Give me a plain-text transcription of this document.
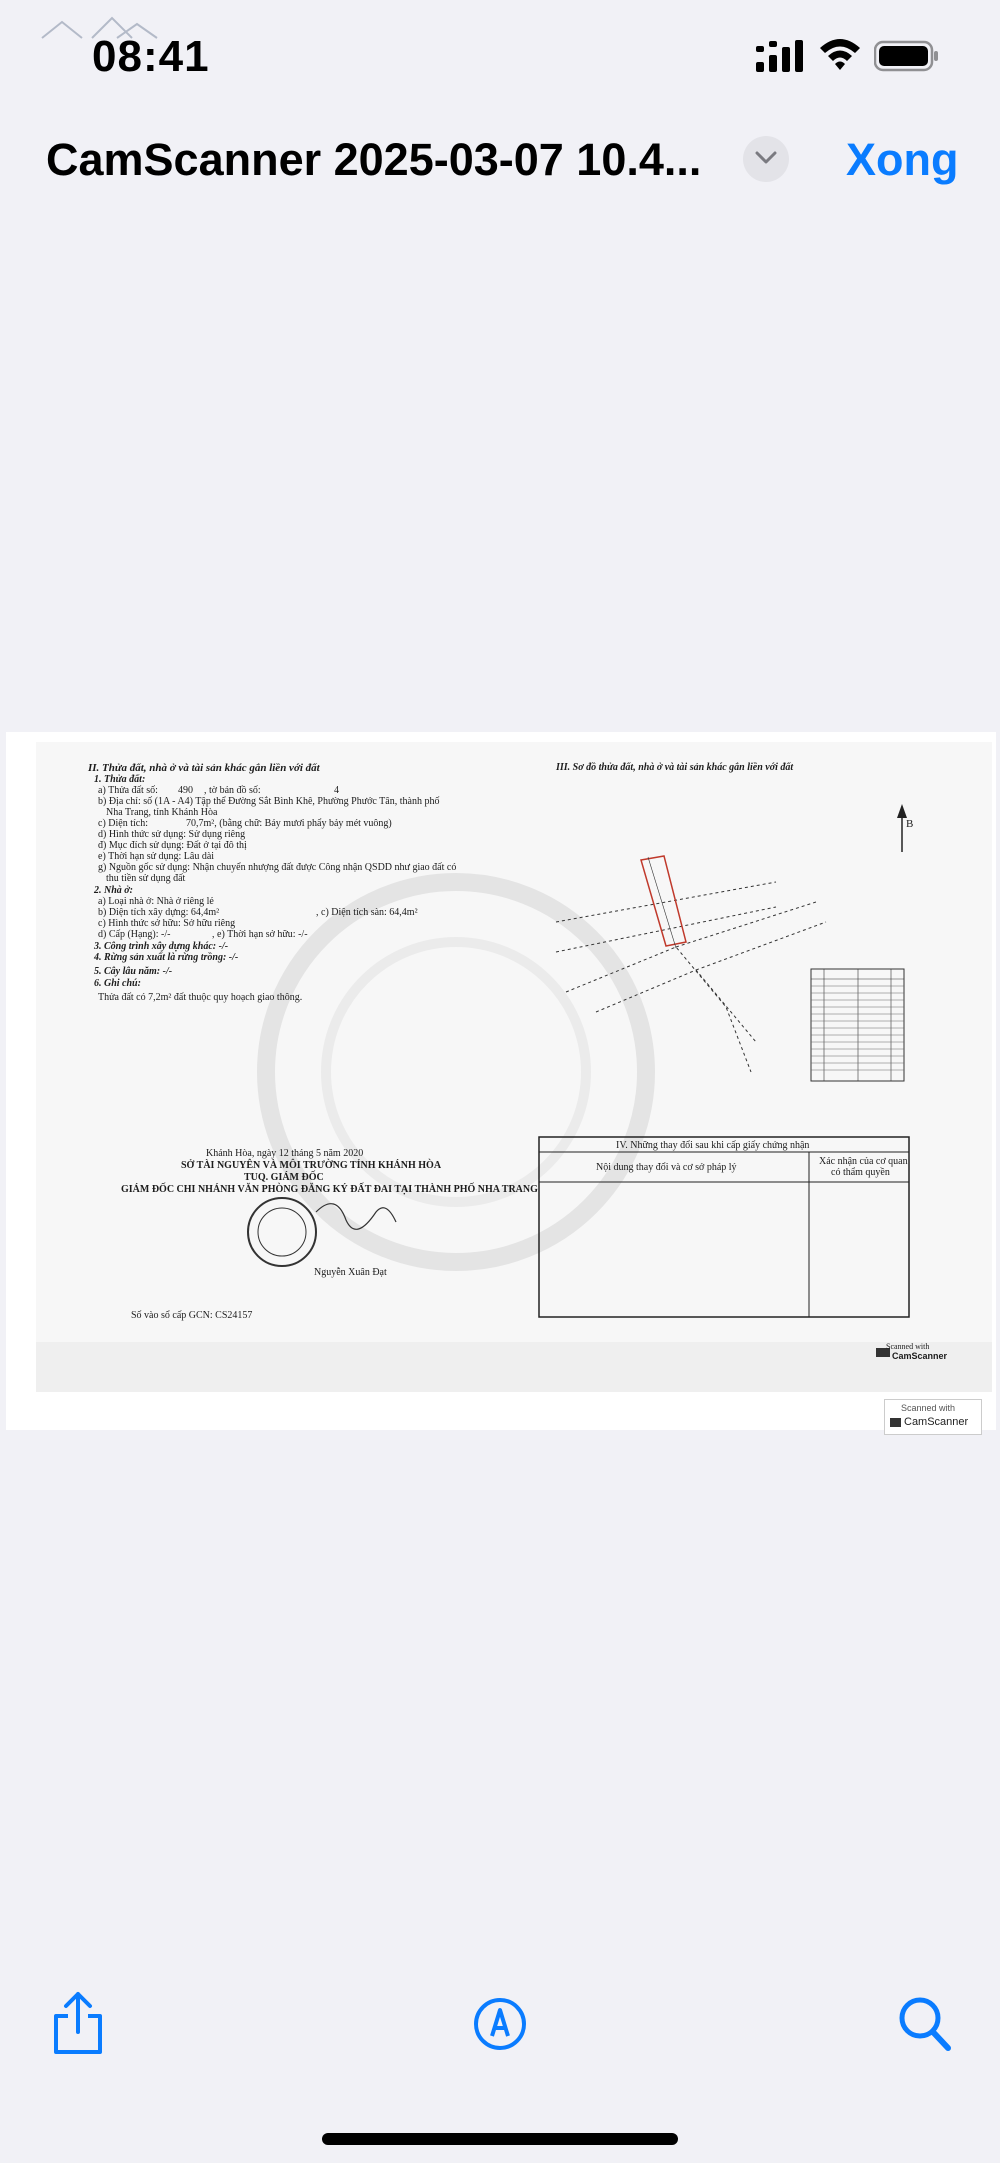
08:41
CamScanner 2025-03-07 10.4...	Xong
II. Thửa đất, nhà ở và tài sản khác gắn liền với đất
1. Thửa đất:
a) Thửa đất số: 490 , tờ bản đồ số:	4
b) Địa chỉ: số (1A - A4) Tập thể Đường Sắt Bình Khê, Phường Phước Tân, thành phố
Nha Trang, tỉnh Khánh Hòa
c) Diện tích:	70,7m², (bằng chữ: Bảy mươi phẩy bảy mét vuông)
d) Hình thức sử dụng: Sử dụng riêng
đ) Mục đích sử dụng: Đất ở tại đô thị
e) Thời hạn sử dụng: Lâu dài
g) Nguồn gốc sử dụng: Nhận chuyển nhượng đất được Công nhận QSDD như giao đất có
thu tiền sử dụng đất
2. Nhà ở:
a) Loại nhà ở: Nhà ở riêng lẻ
b) Diện tích xây dựng: 64,4m²	, c) Diện tích sàn: 64,4m²
c) Hình thức sở hữu: Sở hữu riêng
d) Cấp (Hạng): -/-	, e) Thời hạn sở hữu: -/-
3. Công trình xây dựng khác: -/-
4. Rừng sản xuất là rừng trồng: -/-
5. Cây lâu năm: -/-
6. Ghi chú:
Thửa đất có 7,2m² đất thuộc quy hoạch giao thông.
Khánh Hòa, ngày 12 tháng 5 năm 2020
SỞ TÀI NGUYÊN VÀ MÔI TRƯỜNG TỈNH KHÁNH HÒA
TUQ. GIÁM ĐỐC
GIÁM ĐỐC CHI NHÁNH VĂN PHÒNG ĐĂNG KÝ ĐẤT ĐAI TẠI THÀNH PHỐ NHA TRANG
Nguyễn Xuân Đạt
Số vào sổ cấp GCN: CS24157
III. Sơ đồ thửa đất, nhà ở và tài sản khác gắn liền với đất
B
IV. Những thay đổi sau khi cấp giấy chứng nhận
Nội dung thay đổi và cơ sở pháp lý
Xác nhận của cơ quan
có thẩm quyền
Scanned with
CamScanner
Scanned with
CamScanner
